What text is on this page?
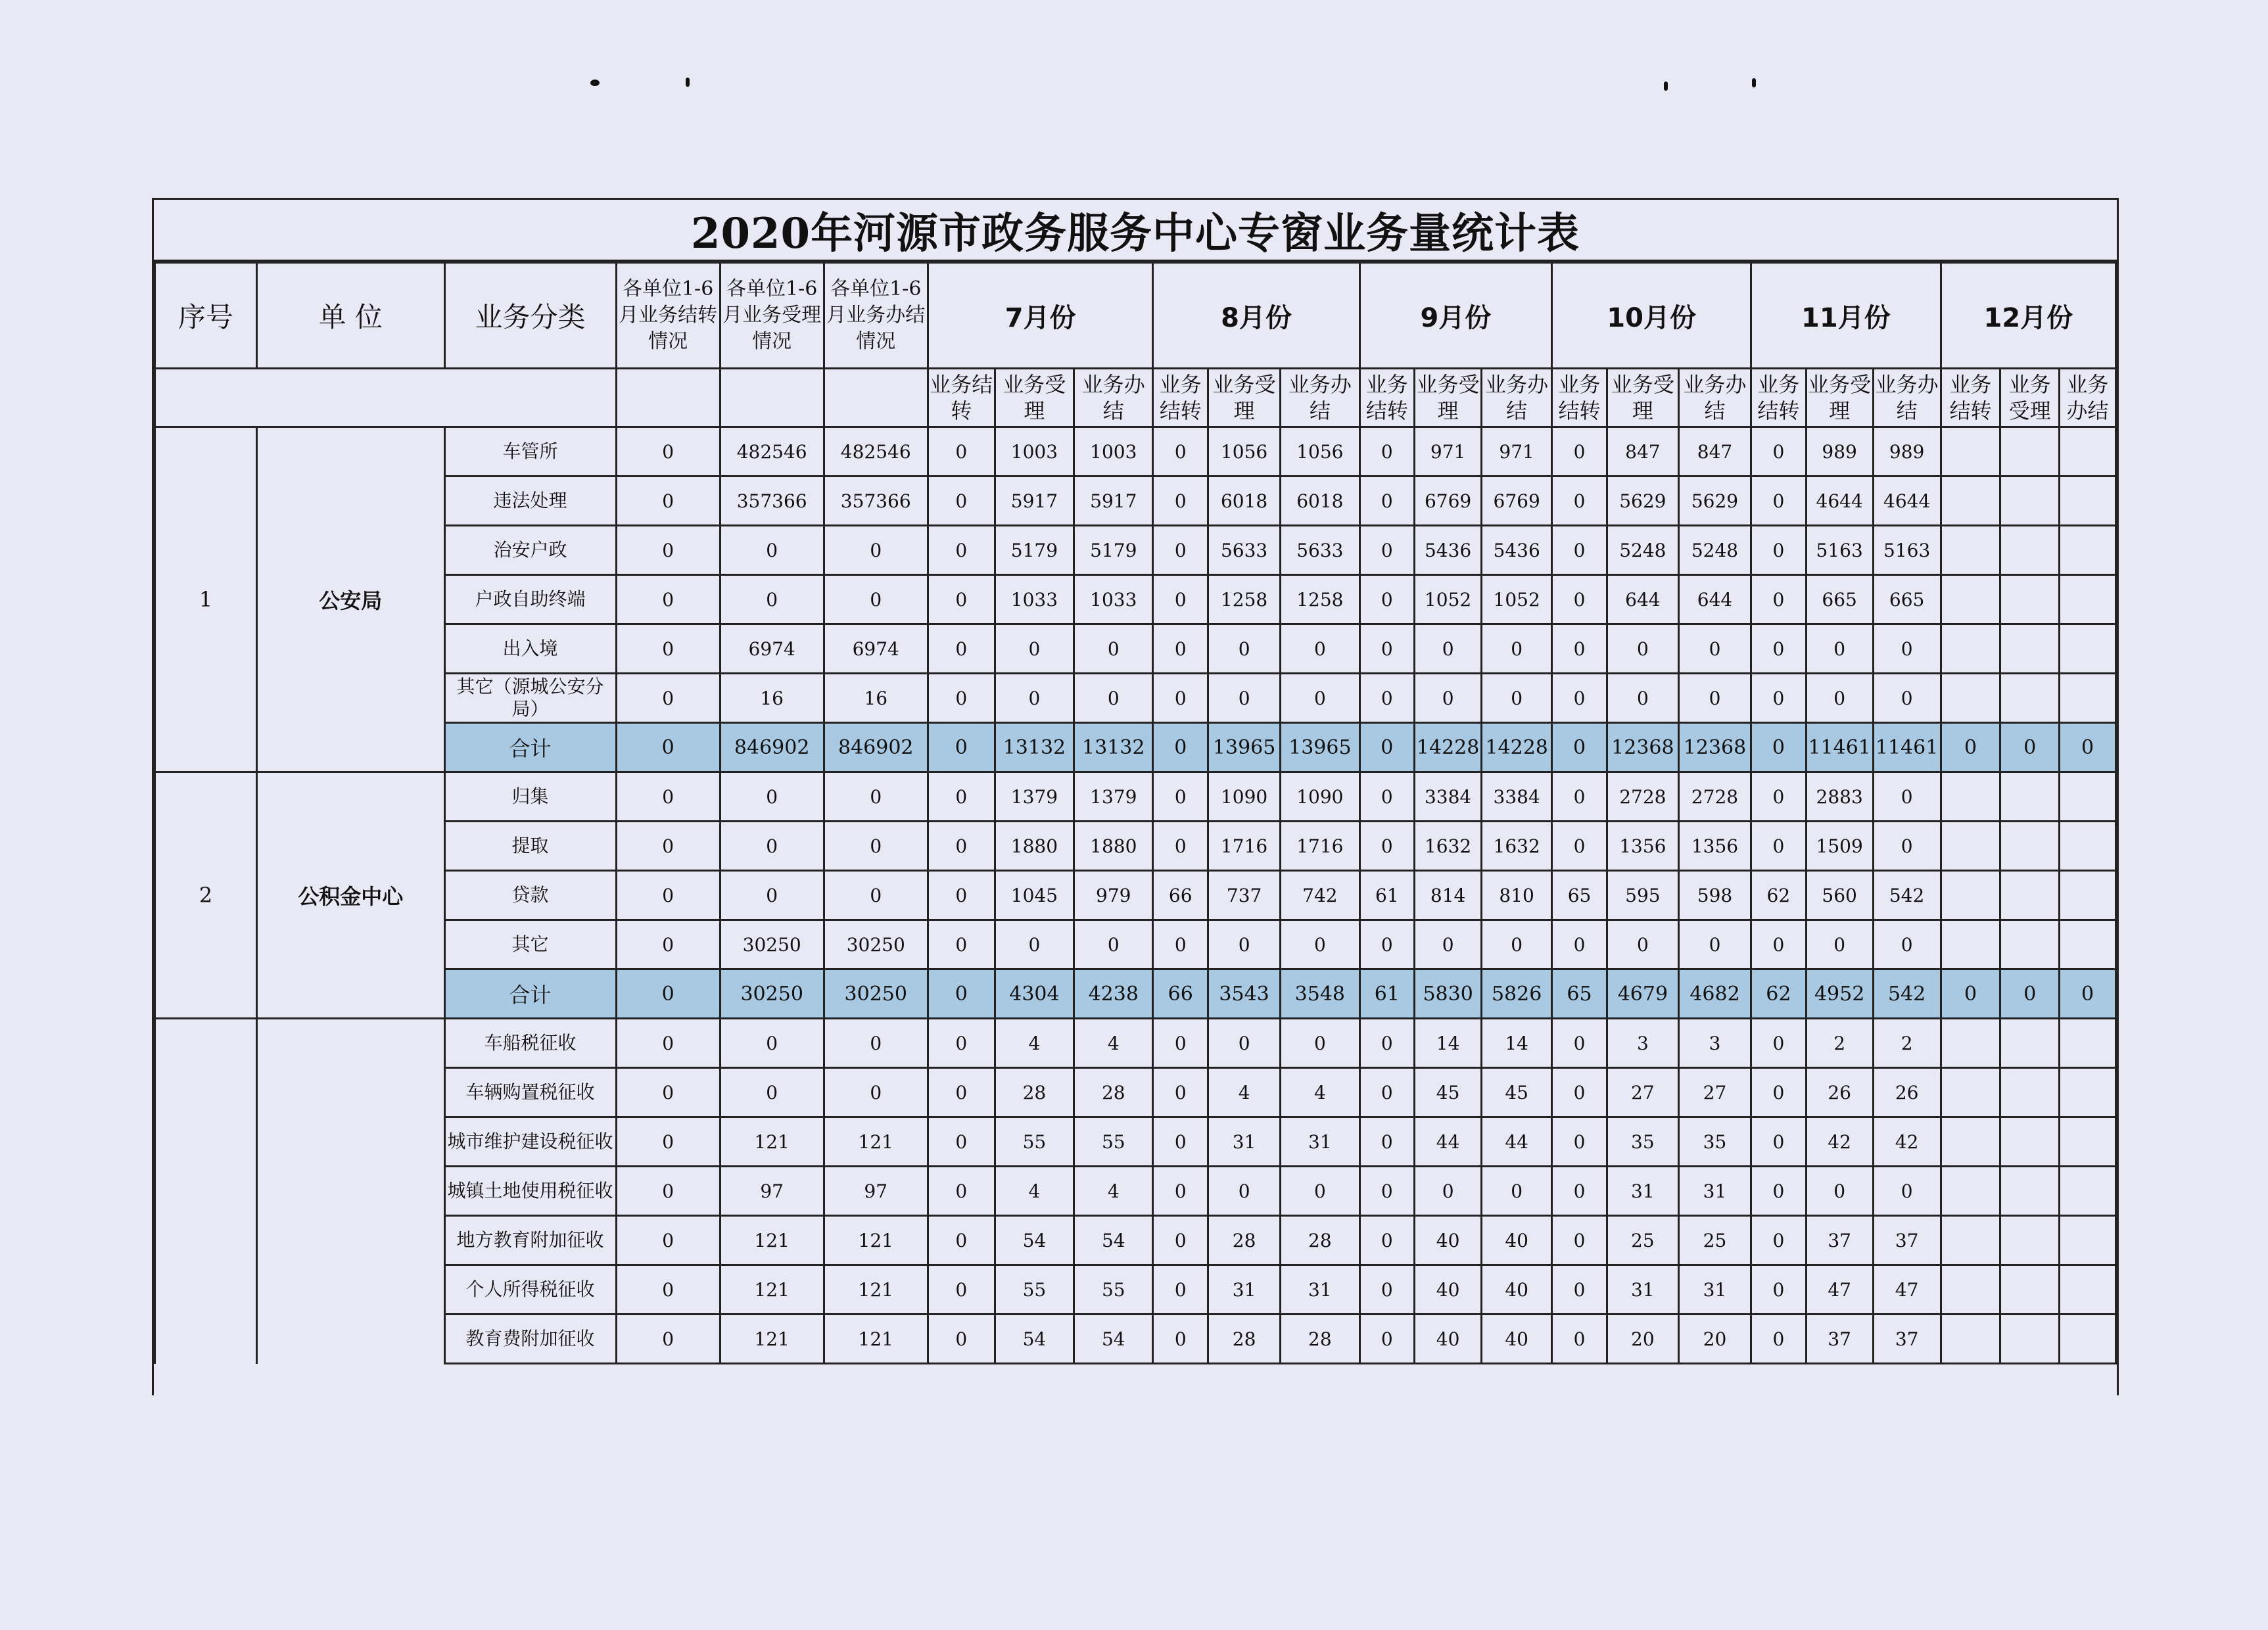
2020年河源市政务服务中心专窗业务量统计表
序号	单 位	业务分类	各单位1-6月业务结转情况	各单位1-6月业务受理情况	各单位1-6月业务办结情况	7月份			8月份			9月份			10月份			11月份			12月份		
						业务结转	业务受理	业务办结	业务结转	业务受理	业务办结	业务结转	业务受理	业务办结	业务结转	业务受理	业务办结	业务结转	业务受理	业务办结	业务结转	业务受理	业务办结
1	公安局	车管所	0	482546	482546	0	1003	1003	0	1056	1056	0	971	971	0	847	847	0	989	989			
		违法处理	0	357366	357366	0	5917	5917	0	6018	6018	0	6769	6769	0	5629	5629	0	4644	4644			
		治安户政	0	0	0	0	5179	5179	0	5633	5633	0	5436	5436	0	5248	5248	0	5163	5163			
		户政自助终端	0	0	0	0	1033	1033	0	1258	1258	0	1052	1052	0	644	644	0	665	665			
		出入境	0	6974	6974	0	0	0	0	0	0	0	0	0	0	0	0	0	0	0			
		其它（源城公安分局）	0	16	16	0	0	0	0	0	0	0	0	0	0	0	0	0	0	0			
		合计	0	846902	846902	0	13132	13132	0	13965	13965	0	14228	14228	0	12368	12368	0	11461	11461	0	0	0
2	公积金中心	归集	0	0	0	0	1379	1379	0	1090	1090	0	3384	3384	0	2728	2728	0	2883	0			
		提取	0	0	0	0	1880	1880	0	1716	1716	0	1632	1632	0	1356	1356	0	1509	0			
		贷款	0	0	0	0	1045	979	66	737	742	61	814	810	65	595	598	62	560	542			
		其它	0	30250	30250	0	0	0	0	0	0	0	0	0	0	0	0	0	0	0			
		合计	0	30250	30250	0	4304	4238	66	3543	3548	61	5830	5826	65	4679	4682	62	4952	542	0	0	0
		车船税征收	0	0	0	0	4	4	0	0	0	0	14	14	0	3	3	0	2	2			
		车辆购置税征收	0	0	0	0	28	28	0	4	4	0	45	45	0	27	27	0	26	26			
		城市维护建设税征收	0	121	121	0	55	55	0	31	31	0	44	44	0	35	35	0	42	42			
		城镇土地使用税征收	0	97	97	0	4	4	0	0	0	0	0	0	0	31	31	0	0	0			
		地方教育附加征收	0	121	121	0	54	54	0	28	28	0	40	40	0	25	25	0	37	37			
		个人所得税征收	0	121	121	0	55	55	0	31	31	0	40	40	0	31	31	0	47	47			
		教育费附加征收	0	121	121	0	54	54	0	28	28	0	40	40	0	20	20	0	37	37			
